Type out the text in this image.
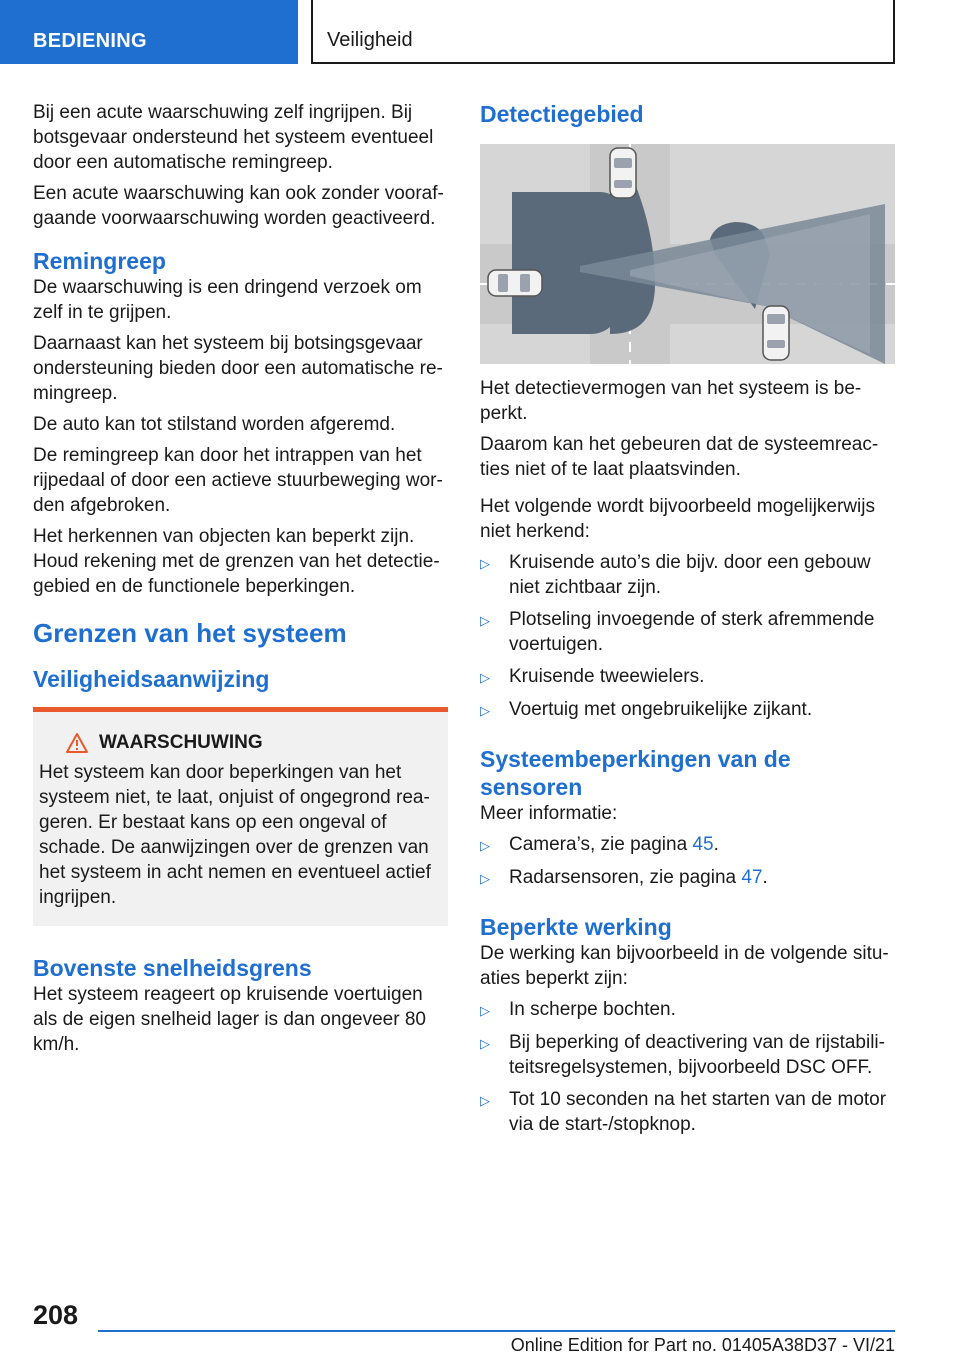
BEDIENING	Veiligheid

Bij een acute waarschuwing zelf ingrijpen. Bij botsgevaar ondersteund het systeem eventueel door een automatische remingreep.

Een acute waarschuwing kan ook zonder voorafgaande voorwaarschuwing worden geactiveerd.

Remingreep

De waarschuwing is een dringend verzoek om zelf in te grijpen.

Daarnaast kan het systeem bij botsingsgevaar ondersteuning bieden door een automatische remingreep.

De auto kan tot stilstand worden afgeremd.

De remingreep kan door het intrappen van het rijpedaal of door een actieve stuurbeweging worden afgebroken.

Het herkennen van objecten kan beperkt zijn. Houd rekening met de grenzen van het detectiegebied en de functionele beperkingen.

Grenzen van het systeem
Veiligheidsaanwijzing
WAARSCHUWING

Het systeem kan door beperkingen van het systeem niet, te laat, onjuist of ongegrond reageren. Er bestaat kans op een ongeval of schade. De aanwijzingen over de grenzen van het systeem in acht nemen en eventueel actief ingrijpen.

Bovenste snelheidsgrens

Het systeem reageert op kruisende voertuigen als de eigen snelheid lager is dan ongeveer 80 km/h.

Detectiegebied

Het detectievermogen van het systeem is beperkt.

Daarom kan het gebeuren dat de systeemreacties niet of te laat plaatsvinden.

Het volgende wordt bijvoorbeeld mogelijkerwijs niet herkend:

▷	Kruisende auto’s die bijv. door een gebouw niet zichtbaar zijn.
▷	Plotseling invoegende of sterk afremmende voertuigen.
▷	Kruisende tweewielers.
▷	Voertuig met ongebruikelijke zijkant.
Systeembeperkingen van de sensoren

Meer informatie:

▷	Camera’s, zie pagina 45.
▷	Radarsensoren, zie pagina 47.
Beperkte werking

De werking kan bijvoorbeeld in de volgende situaties beperkt zijn:

▷	In scherpe bochten.
▷	Bij beperking of deactivering van de rijstabiliteitsregelsystemen, bijvoorbeeld DSC OFF.
▷	Tot 10 seconden na het starten van de motor via de start-/stopknop.
208
Online Edition for Part no. 01405A38D37 - VI/21
